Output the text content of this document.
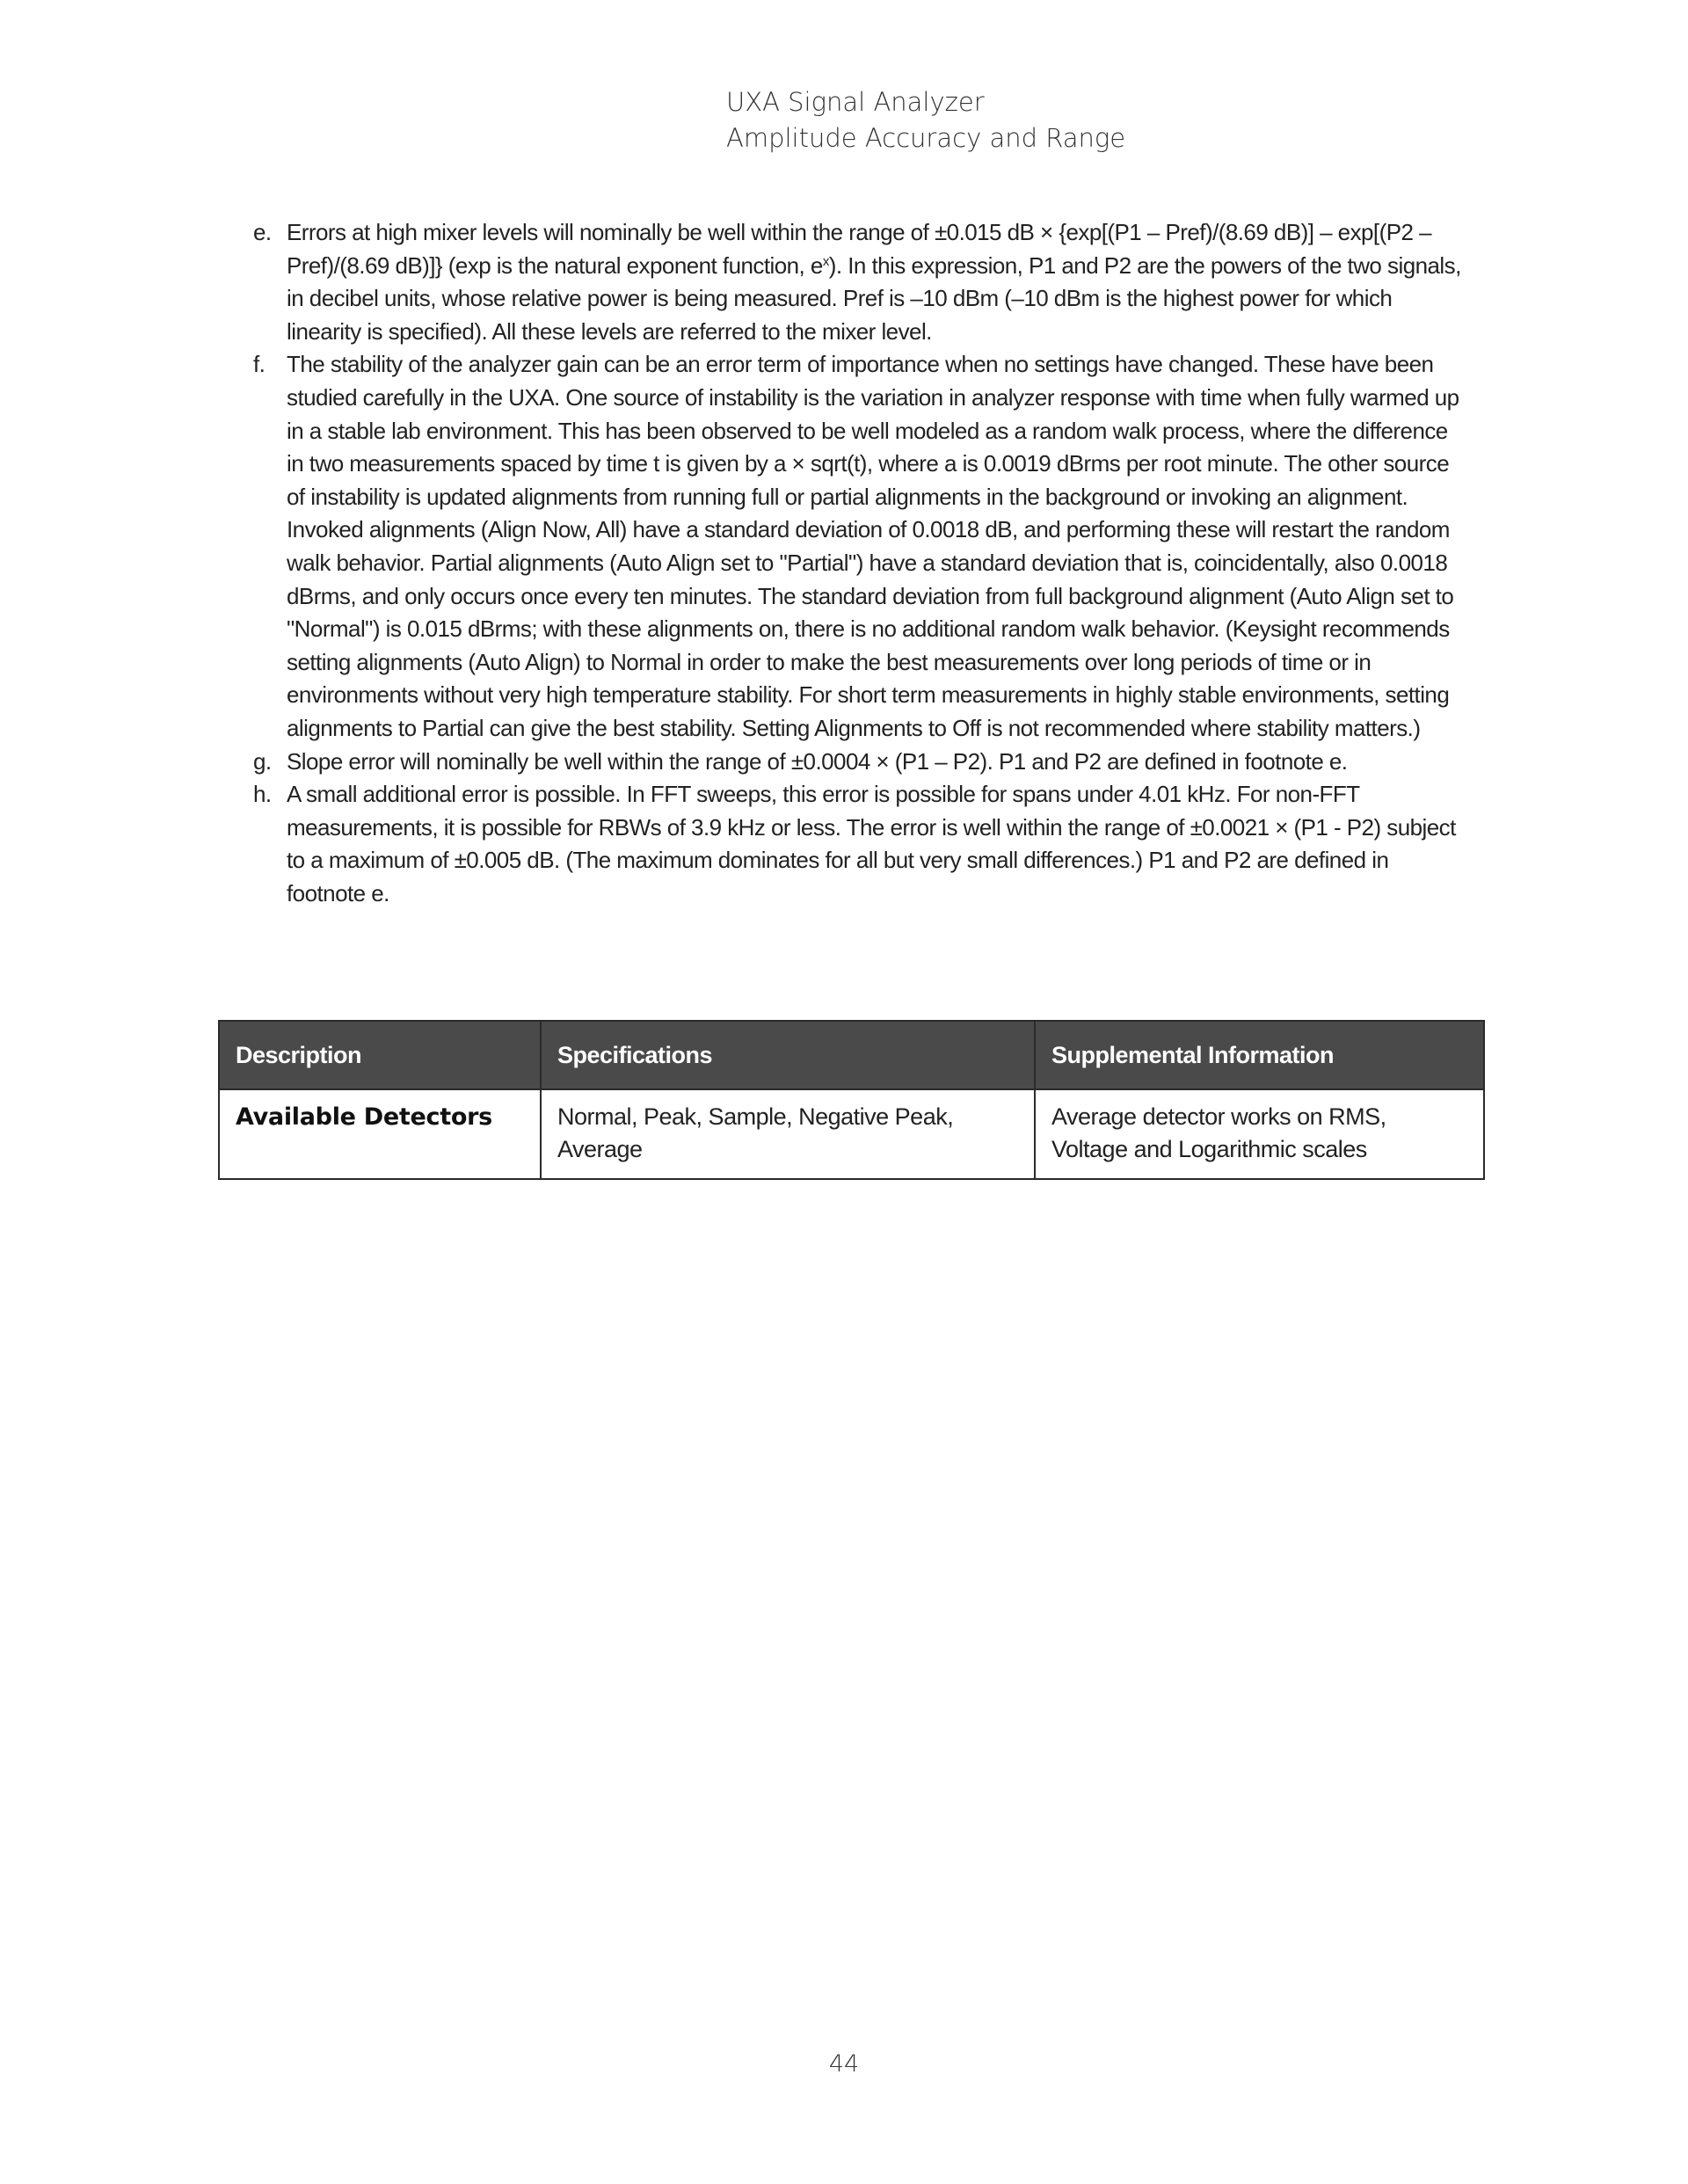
UXA Signal Analyzer
Amplitude Accuracy and Range
e. Errors at high mixer levels will nominally be well within the range of ±0.015 dB × {exp[(P1 – Pref)/(8.69 dB)] – exp[(P2 – Pref)/(8.69 dB)]} (exp is the natural exponent function, $e^x$). In this expression, P1 and P2 are the powers of the two signals, in decibel units, whose relative power is being measured. Pref is –10 dBm (–10 dBm is the highest power for which linearity is specified). All these levels are referred to the mixer level.

f. The stability of the analyzer gain can be an error term of importance when no settings have changed. These have been studied carefully in the UXA. One source of instability is the variation in analyzer response with time when fully warmed up in a stable lab environment. This has been observed to be well modeled as a random walk process, where the difference in two measurements spaced by time t is given by a × sqrt(t), where a is 0.0019 dBrms per root minute. The other source of instability is updated alignments from running full or partial alignments in the background or invoking an alignment. Invoked alignments (Align Now, All) have a standard deviation of 0.0018 dB, and performing these will restart the random walk behavior. Partial alignments (Auto Align set to "Partial") have a standard deviation that is, coincidentally, also 0.0018 dBrms, and only occurs once every ten minutes. The standard deviation from full background alignment (Auto Align set to "Normal") is 0.015 dBrms; with these alignments on, there is no additional random walk behavior. (Keysight recommends setting alignments (Auto Align) to Normal in order to make the best measurements over long periods of time or in environments without very high temperature stability. For short term measurements in highly stable environments, setting alignments to Partial can give the best stability. Setting Alignments to Off is not recommended where stability matters.)

g. Slope error will nominally be well within the range of ±0.0004 × (P1 – P2). P1 and P2 are defined in footnote e.

h. A small additional error is possible. In FFT sweeps, this error is possible for spans under 4.01 kHz. For non-FFT measurements, it is possible for RBWs of 3.9 kHz or less. The error is well within the range of ±0.0021 × (P1 - P2) subject to a maximum of ±0.005 dB. (The maximum dominates for all but very small differences.) P1 and P2 are defined in footnote e.

Description	Specifications	Supplemental Information
Available Detectors	Normal, Peak, Sample, Negative Peak, Average	Average detector works on RMS, Voltage and Logarithmic scales
44
